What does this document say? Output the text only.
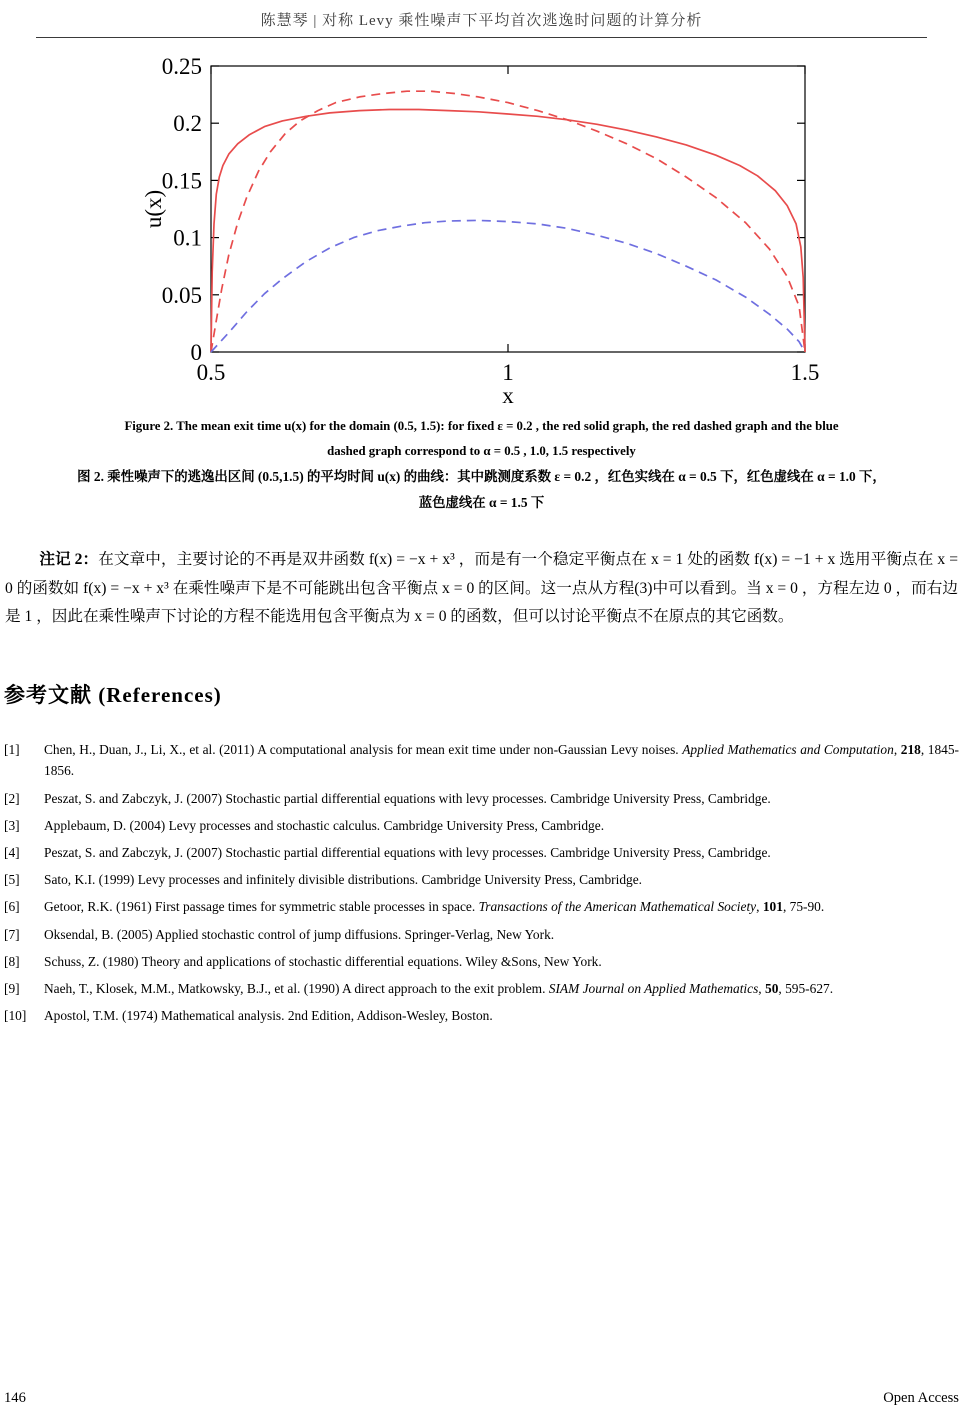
陈慧琴 | 对称 Levy 乘性噪声下平均首次逃逸时问题的计算分析
u(x)
x
0.5	1	1.5
0
0.05
0.1
0.15
0.2
0.25
Figure 2. The mean exit time u(x) for the domain (0.5, 1.5): for fixed ε = 0.2 , the red solid graph, the red dashed graph and the blue
dashed graph correspond to α = 0.5 , 1.0, 1.5 respectively
图 2. 乘性噪声下的逃逸出区间 (0.5,1.5) 的平均时间 u(x) 的曲线：其中跳测度系数 ε = 0.2 ，红色实线在 α = 0.5 下，红色虚线在 α = 1.0 下，
蓝色虚线在 α = 1.5 下

注记 2：在文章中，主要讨论的不再是双井函数 f(x) = −x + x³ ，而是有一个稳定平衡点在 x = 1 处的函数 f(x) = −1 + x 选用平衡点在 x = 0 的函数如 f(x) = −x + x³ 在乘性噪声下是不可能跳出包含平衡点 x = 0 的区间。这一点从方程(3)中可以看到。当 x = 0 ，方程左边 0 ，而右边是 1 ，因此在乘性噪声下讨论的方程不能选用包含平衡点为 x = 0 的函数，但可以讨论平衡点不在原点的其它函数。

参考文献 (References)
[1]	Chen, H., Duan, J., Li, X., et al. (2011) A computational analysis for mean exit time under non-Gaussian Levy noises. Applied Mathematics and Computation, 218, 1845-1856.
[2]	Peszat, S. and Zabczyk, J. (2007) Stochastic partial differential equations with levy processes. Cambridge University Press, Cambridge.
[3]	Applebaum, D. (2004) Levy processes and stochastic calculus. Cambridge University Press, Cambridge.
[4]	Peszat, S. and Zabczyk, J. (2007) Stochastic partial differential equations with levy processes. Cambridge University Press, Cambridge.
[5]	Sato, K.I. (1999) Levy processes and infinitely divisible distributions. Cambridge University Press, Cambridge.
[6]	Getoor, R.K. (1961) First passage times for symmetric stable processes in space. Transactions of the American Mathematical Society, 101, 75-90.
[7]	Oksendal, B. (2005) Applied stochastic control of jump diffusions. Springer-Verlag, New York.
[8]	Schuss, Z. (1980) Theory and applications of stochastic differential equations. Wiley &Sons, New York.
[9]	Naeh, T., Klosek, M.M., Matkowsky, B.J., et al. (1990) A direct approach to the exit problem. SIAM Journal on Applied Mathematics, 50, 595-627.
[10]	Apostol, T.M. (1974) Mathematical analysis. 2nd Edition, Addison-Wesley, Boston.
146	Open Access
